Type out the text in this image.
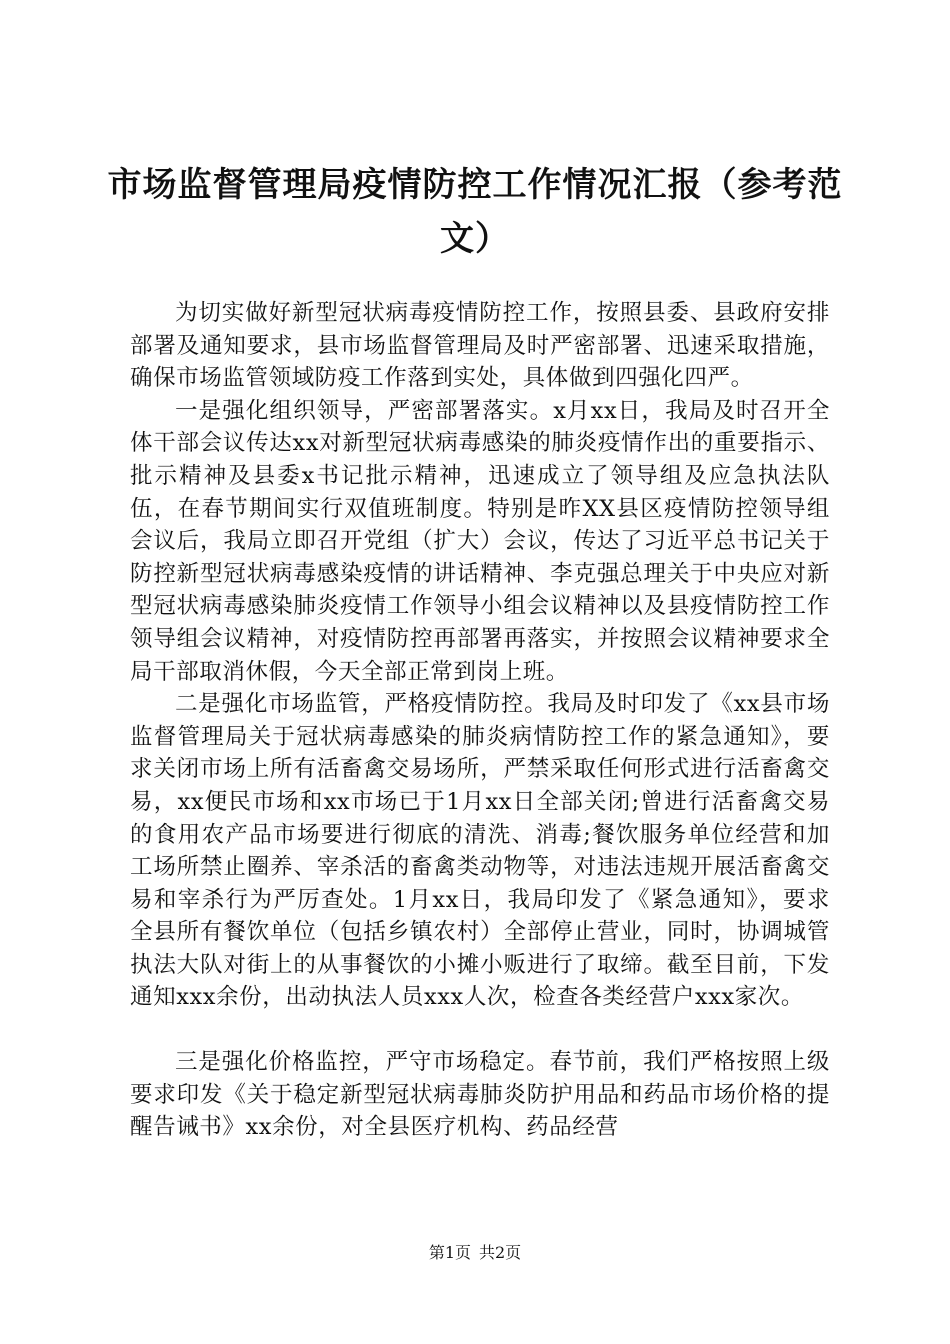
市场监督管理局疫情防控工作情况汇报（参考范文）

为切实做好新型冠状病毒疫情防控工作，按照县委、县政府安排部署及通知要求，县市场监督管理局及时严密部署、迅速采取措施，确保市场监管领域防疫工作落到实处，具体做到四强化四严。

一是强化组织领导，严密部署落实。x月xx日，我局及时召开全体干部会议传达xx对新型冠状病毒感染的肺炎疫情作出的重要指示、批示精神及县委x书记批示精神，迅速成立了领导组及应急执法队伍，在春节期间实行双值班制度。特别是昨XX县区疫情防控领导组会议后，我局立即召开党组（扩大）会议，传达了习近平总书记关于防控新型冠状病毒感染疫情的讲话精神、李克强总理关于中央应对新型冠状病毒感染肺炎疫情工作领导小组会议精神以及县疫情防控工作领导组会议精神，对疫情防控再部署再落实，并按照会议精神要求全局干部取消休假，今天全部正常到岗上班。

二是强化市场监管，严格疫情防控。我局及时印发了《xx县市场监督管理局关于冠状病毒感染的肺炎病情防控工作的紧急通知》，要求关闭市场上所有活畜禽交易场所，严禁采取任何形式进行活畜禽交易，xx便民市场和xx市场已于1月xx日全部关闭;曾进行活畜禽交易的食用农产品市场要进行彻底的清洗、消毒;餐饮服务单位经营和加工场所禁止圈养、宰杀活的畜禽类动物等，对违法违规开展活畜禽交易和宰杀行为严厉查处。1月xx日，我局印发了《紧急通知》，要求全县所有餐饮单位（包括乡镇农村）全部停止营业，同时，协调城管执法大队对街上的从事餐饮的小摊小贩进行了取缔。截至目前，下发通知xxx余份，出动执法人员xxx人次，检查各类经营户xxx家次。

三是强化价格监控，严守市场稳定。春节前，我们严格按照上级要求印发《关于稳定新型冠状病毒肺炎防护用品和药品市场价格的提醒告诫书》xx余份，对全县医疗机构、药品经营

第1页 共2页
